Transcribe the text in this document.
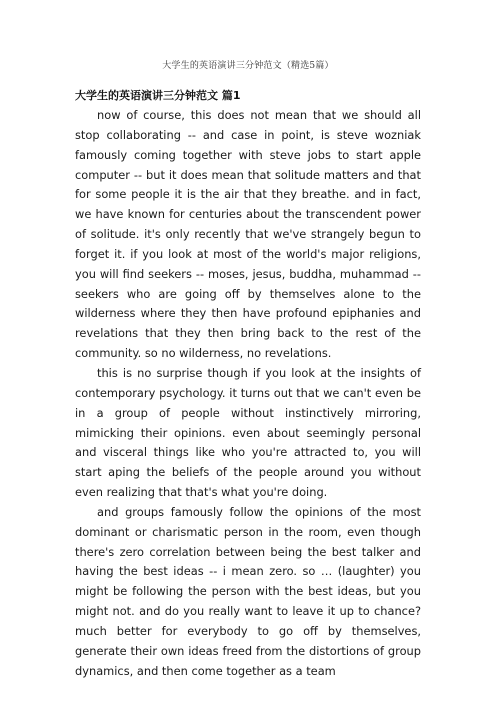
大学生的英语演讲三分钟范文（精选5篇）
大学生的英语演讲三分钟范文 篇1

now of course, this does not mean that we should all stop collaborating -- and case in point, is steve wozniak famously coming together with steve jobs to start apple computer -- but it does mean that solitude matters and that for some people it is the air that they breathe. and in fact, we have known for centuries about the transcendent power of solitude. it's only recently that we've strangely begun to forget it. if you look at most of the world's major religions, you will find seekers -- moses, jesus, buddha, muhammad -- seekers who are going off by themselves alone to the wilderness where they then have profound epiphanies and revelations that they then bring back to the rest of the community. so no wilderness, no revelations.

this is no surprise though if you look at the insights of contemporary psychology. it turns out that we can't even be in a group of people without instinctively mirroring, mimicking their opinions. even about seemingly personal and visceral things like who you're attracted to, you will start aping the beliefs of the people around you without even realizing that that's what you're doing.

and groups famously follow the opinions of the most dominant or charismatic person in the room, even though there's zero correlation between being the best talker and having the best ideas -- i mean zero. so … (laughter) you might be following the person with the best ideas, but you might not. and do you really want to leave it up to chance? much better for everybody to go off by themselves, generate their own ideas freed from the distortions of group dynamics, and then come together as a team
